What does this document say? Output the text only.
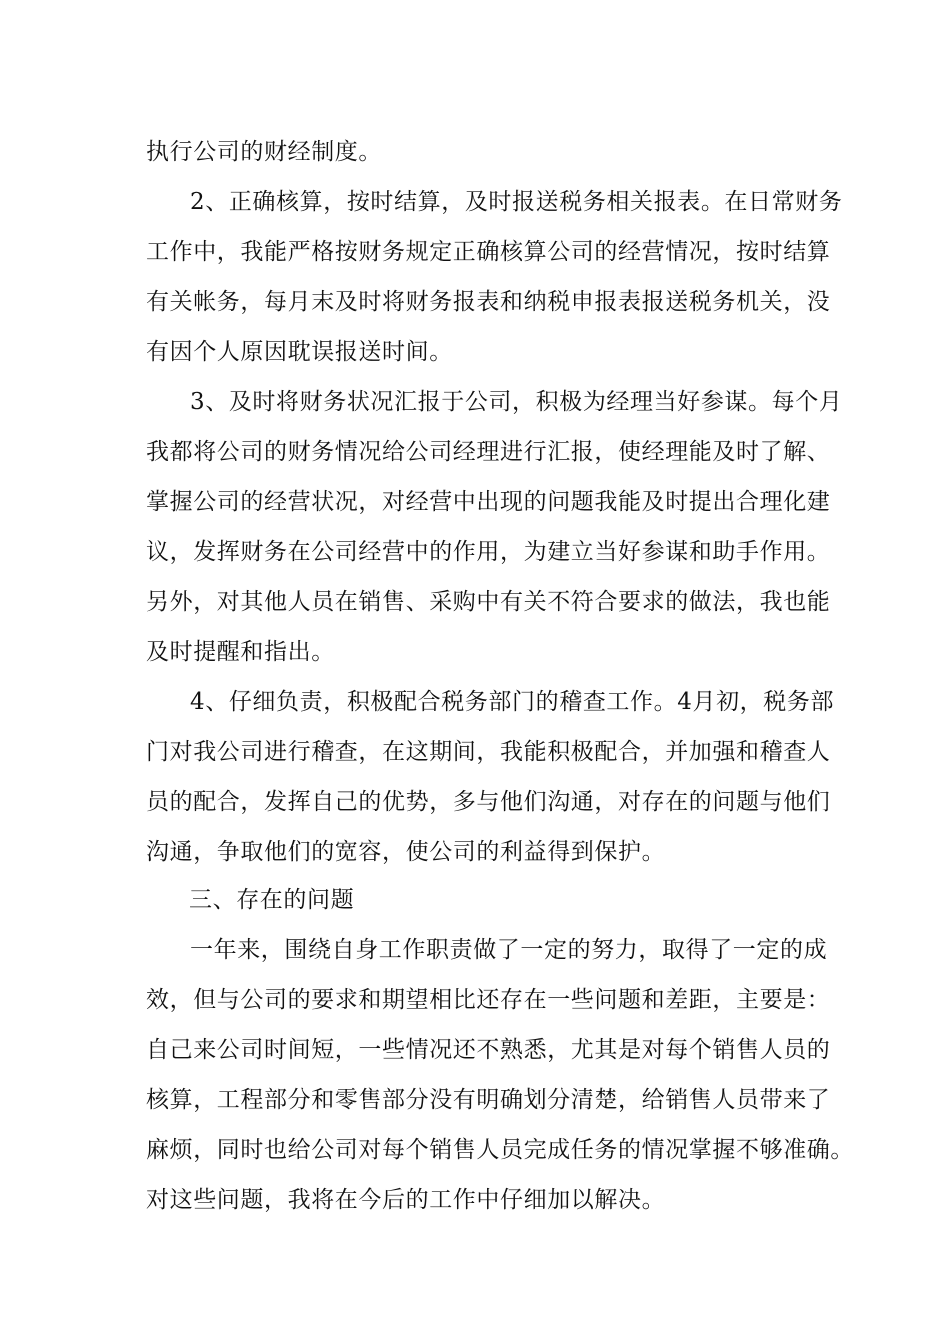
执行公司的财经制度。
2、正确核算，按时结算，及时报送税务相关报表。在日常财务
工作中，我能严格按财务规定正确核算公司的经营情况，按时结算
有关帐务，每月末及时将财务报表和纳税申报表报送税务机关，没
有因个人原因耽误报送时间。
3、及时将财务状况汇报于公司，积极为经理当好参谋。每个月
我都将公司的财务情况给公司经理进行汇报，使经理能及时了解、
掌握公司的经营状况，对经营中出现的问题我能及时提出合理化建
议，发挥财务在公司经营中的作用，为建立当好参谋和助手作用。
另外，对其他人员在销售、采购中有关不符合要求的做法，我也能
及时提醒和指出。
4、仔细负责，积极配合税务部门的稽查工作。4月初，税务部
门对我公司进行稽查，在这期间，我能积极配合，并加强和稽查人
员的配合，发挥自己的优势，多与他们沟通，对存在的问题与他们
沟通，争取他们的宽容，使公司的利益得到保护。
三、存在的问题
一年来，围绕自身工作职责做了一定的努力，取得了一定的成
效，但与公司的要求和期望相比还存在一些问题和差距，主要是：
自己来公司时间短，一些情况还不熟悉，尤其是对每个销售人员的
核算，工程部分和零售部分没有明确划分清楚，给销售人员带来了
麻烦，同时也给公司对每个销售人员完成任务的情况掌握不够准确。
对这些问题，我将在今后的工作中仔细加以解决。
